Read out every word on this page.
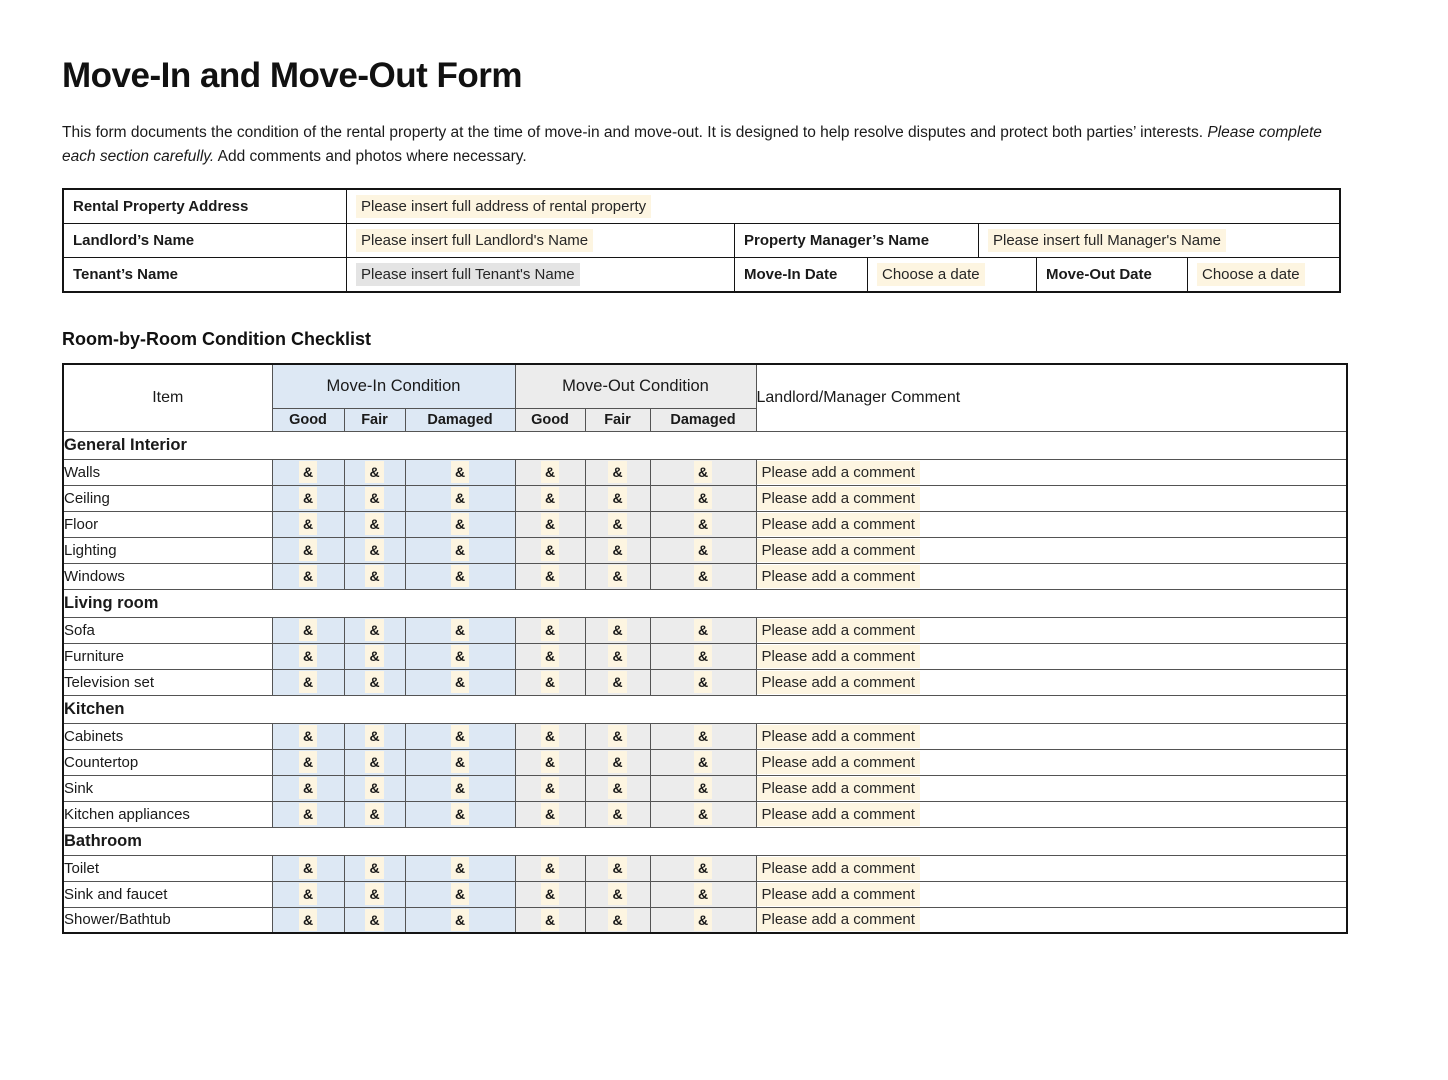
Move-In and Move-Out Form

This form documents the condition of the rental property at the time of move-in and move-out. It is designed to help resolve disputes and protect both parties’ interests. Please complete each section carefully. Add comments and photos where necessary.

Rental Property Address	Please insert full address of rental property
Landlord’s Name	Please insert full Landlord's Name	Property Manager’s Name	Please insert full Manager's Name
Tenant’s Name	Please insert full Tenant's Name	Move-In Date	Choose a date	Move-Out Date	Choose a date
Room-by-Room Condition Checklist
Item	Move-In Condition			Move-Out Condition			Landlord/Manager Comment
	Good	Fair	Damaged	Good	Fair	Damaged	
General Interior							
Walls	&	&	&	&	&	&	Please add a comment
Ceiling	&	&	&	&	&	&	Please add a comment
Floor	&	&	&	&	&	&	Please add a comment
Lighting	&	&	&	&	&	&	Please add a comment
Windows	&	&	&	&	&	&	Please add a comment
Living room							
Sofa	&	&	&	&	&	&	Please add a comment
Furniture	&	&	&	&	&	&	Please add a comment
Television set	&	&	&	&	&	&	Please add a comment
Kitchen							
Cabinets	&	&	&	&	&	&	Please add a comment
Countertop	&	&	&	&	&	&	Please add a comment
Sink	&	&	&	&	&	&	Please add a comment
Kitchen appliances	&	&	&	&	&	&	Please add a comment
Bathroom							
Toilet	&	&	&	&	&	&	Please add a comment
Sink and faucet	&	&	&	&	&	&	Please add a comment
Shower/Bathtub	&	&	&	&	&	&	Please add a comment
